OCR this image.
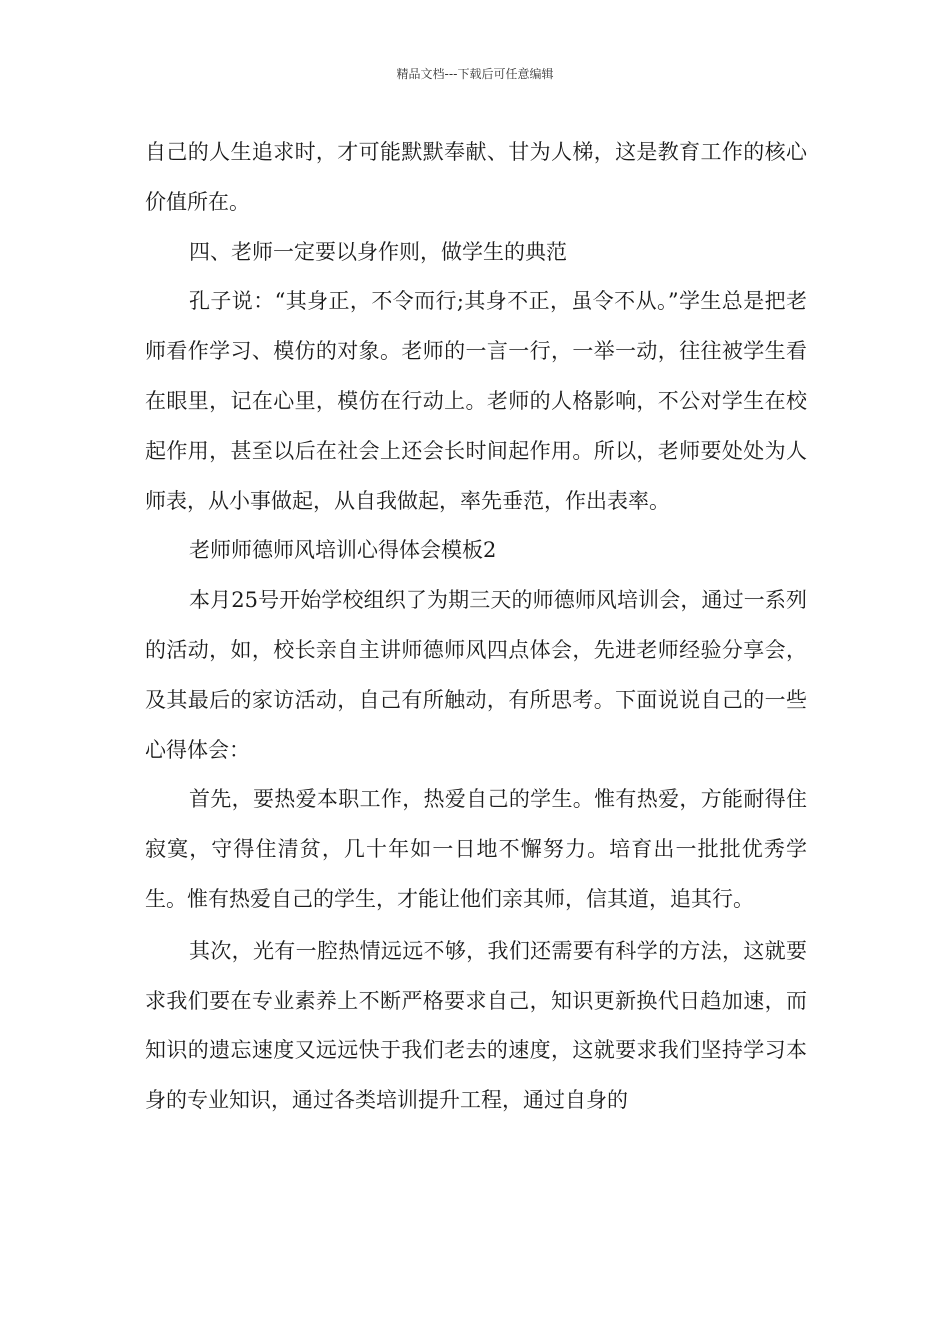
精品文档---下载后可任意编辑

自己的人生追求时，才可能默默奉献、甘为人梯，这是教育工作的核心价值所在。

四、老师一定要以身作则，做学生的典范

孔子说：“其身正，不令而行;其身不正，虽令不从。”学生总是把老师看作学习、模仿的对象。老师的一言一行，一举一动，往往被学生看在眼里，记在心里，模仿在行动上。老师的人格影响，不公对学生在校起作用，甚至以后在社会上还会长时间起作用。所以，老师要处处为人师表，从小事做起，从自我做起，率先垂范，作出表率。

老师师德师风培训心得体会模板2

本月25号开始学校组织了为期三天的师德师风培训会，通过一系列的活动，如，校长亲自主讲师德师风四点体会，先进老师经验分享会，及其最后的家访活动，自己有所触动，有所思考。下面说说自己的一些心得体会：

首先，要热爱本职工作，热爱自己的学生。惟有热爱，方能耐得住寂寞，守得住清贫，几十年如一日地不懈努力。培育出一批批优秀学生。惟有热爱自己的学生，才能让他们亲其师，信其道，追其行。

其次，光有一腔热情远远不够，我们还需要有科学的方法，这就要求我们要在专业素养上不断严格要求自己，知识更新换代日趋加速，而知识的遗忘速度又远远快于我们老去的速度，这就要求我们坚持学习本身的专业知识，通过各类培训提升工程，通过自身的
